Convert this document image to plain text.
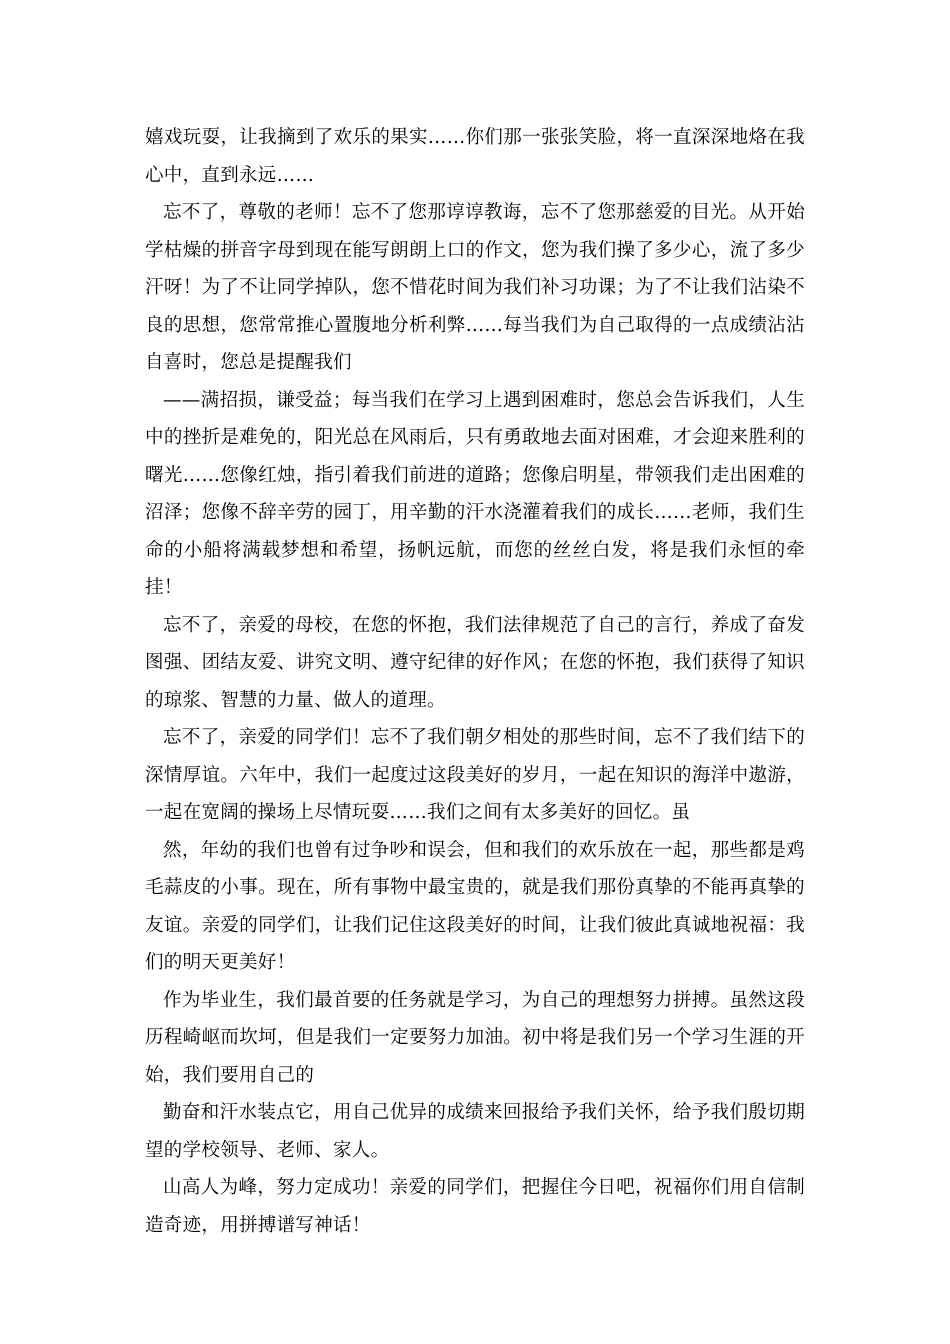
嬉戏玩耍，让我摘到了欢乐的果实……你们那一张张笑脸，将一直深深地烙在我心中，直到永远……

忘不了，尊敬的老师！忘不了您那谆谆教诲，忘不了您那慈爱的目光。从开始学枯燥的拼音字母到现在能写朗朗上口的作文，您为我们操了多少心，流了多少汗呀！为了不让同学掉队，您不惜花时间为我们补习功课；为了不让我们沾染不良的思想，您常常推心置腹地分析利弊……每当我们为自己取得的一点成绩沾沾自喜时，您总是提醒我们

——满招损，谦受益；每当我们在学习上遇到困难时，您总会告诉我们，人生中的挫折是难免的，阳光总在风雨后，只有勇敢地去面对困难，才会迎来胜利的曙光……您像红烛，指引着我们前进的道路；您像启明星，带领我们走出困难的沼泽；您像不辞辛劳的园丁，用辛勤的汗水浇灌着我们的成长……老师，我们生命的小船将满载梦想和希望，扬帆远航，而您的丝丝白发，将是我们永恒的牵挂！

忘不了，亲爱的母校，在您的怀抱，我们法律规范了自己的言行，养成了奋发图强、团结友爱、讲究文明、遵守纪律的好作风；在您的怀抱，我们获得了知识的琼浆、智慧的力量、做人的道理。

忘不了，亲爱的同学们！忘不了我们朝夕相处的那些时间，忘不了我们结下的深情厚谊。六年中，我们一起度过这段美好的岁月，一起在知识的海洋中遨游，一起在宽阔的操场上尽情玩耍……我们之间有太多美好的回忆。虽

然，年幼的我们也曾有过争吵和误会，但和我们的欢乐放在一起，那些都是鸡毛蒜皮的小事。现在，所有事物中最宝贵的，就是我们那份真挚的不能再真挚的友谊。亲爱的同学们，让我们记住这段美好的时间，让我们彼此真诚地祝福：我们的明天更美好！

作为毕业生，我们最首要的任务就是学习，为自己的理想努力拼搏。虽然这段历程崎岖而坎坷，但是我们一定要努力加油。初中将是我们另一个学习生涯的开始，我们要用自己的

勤奋和汗水装点它，用自己优异的成绩来回报给予我们关怀，给予我们殷切期望的学校领导、老师、家人。

山高人为峰，努力定成功！亲爱的同学们，把握住今日吧，祝福你们用自信制造奇迹，用拼搏谱写神话！
